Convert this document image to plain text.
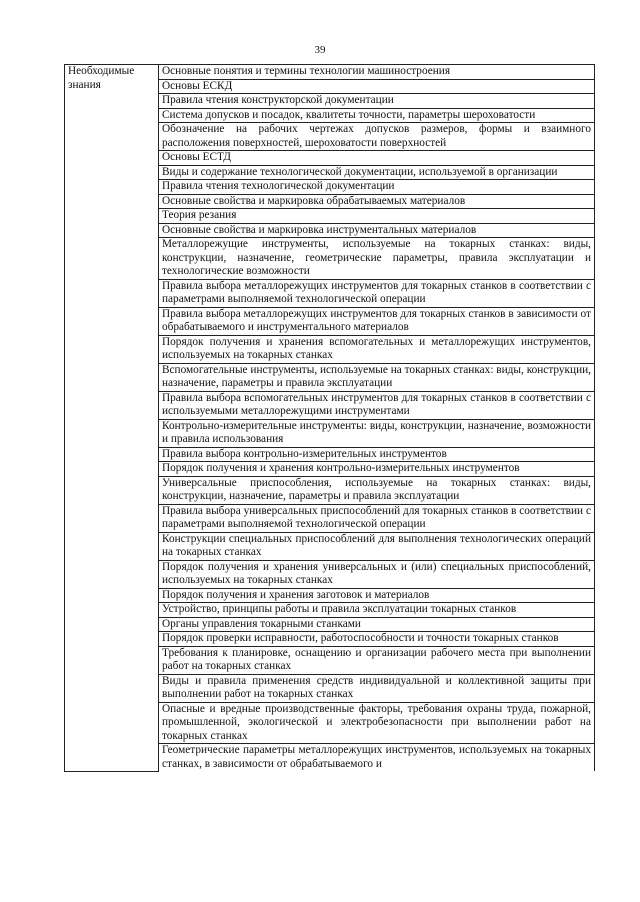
39
Необходимые знания	Основные понятия и термины технологии машиностроения
Основы ЕСКД
Правила чтения конструкторской документации
Система допусков и посадок, квалитеты точности, параметры шероховатости
Обозначение на рабочих чертежах допусков размеров, формы и взаимного расположения поверхностей, шероховатости поверхностей
Основы ЕСТД
Виды и содержание технологической документации, используемой в организации
Правила чтения технологической документации
Основные свойства и маркировка обрабатываемых материалов
Теория резания
Основные свойства и маркировка инструментальных материалов
Металлорежущие инструменты, используемые на токарных станках: виды, конструкции, назначение, геометрические параметры, правила эксплуатации и технологические возможности
Правила выбора металлорежущих инструментов для токарных станков в соответствии с параметрами выполняемой технологической операции
Правила выбора металлорежущих инструментов для токарных станков в зависимости от обрабатываемого и инструментального материалов
Порядок получения и хранения вспомогательных и металлорежущих инструментов, используемых на токарных станках
Вспомогательные инструменты, используемые на токарных станках: виды, конструкции, назначение, параметры и правила эксплуатации
Правила выбора вспомогательных инструментов для токарных станков в соответствии с используемыми металлорежущими инструментами
Контрольно-измерительные инструменты: виды, конструкции, назначение, возможности и правила использования
Правила выбора контрольно-измерительных инструментов
Порядок получения и хранения контрольно-измерительных инструментов
Универсальные приспособления, используемые на токарных станках: виды, конструкции, назначение, параметры и правила эксплуатации
Правила выбора универсальных приспособлений для токарных станков в соответствии с параметрами выполняемой технологической операции
Конструкции специальных приспособлений для выполнения технологических операций на токарных станках
Порядок получения и хранения универсальных и (или) специальных приспособлений, используемых на токарных станках
Порядок получения и хранения заготовок и материалов
Устройство, принципы работы и правила эксплуатации токарных станков
Органы управления токарными станками
Порядок проверки исправности, работоспособности и точности токарных станков
Требования к планировке, оснащению и организации рабочего места при выполнении работ на токарных станках
Виды и правила применения средств индивидуальной и коллективной защиты при выполнении работ на токарных станках
Опасные и вредные производственные факторы, требования охраны труда, пожарной, промышленной, экологической и электробезопасности при выполнении работ на токарных станках
Геометрические параметры металлорежущих инструментов, используемых на токарных станках, в зависимости от обрабатываемого и
